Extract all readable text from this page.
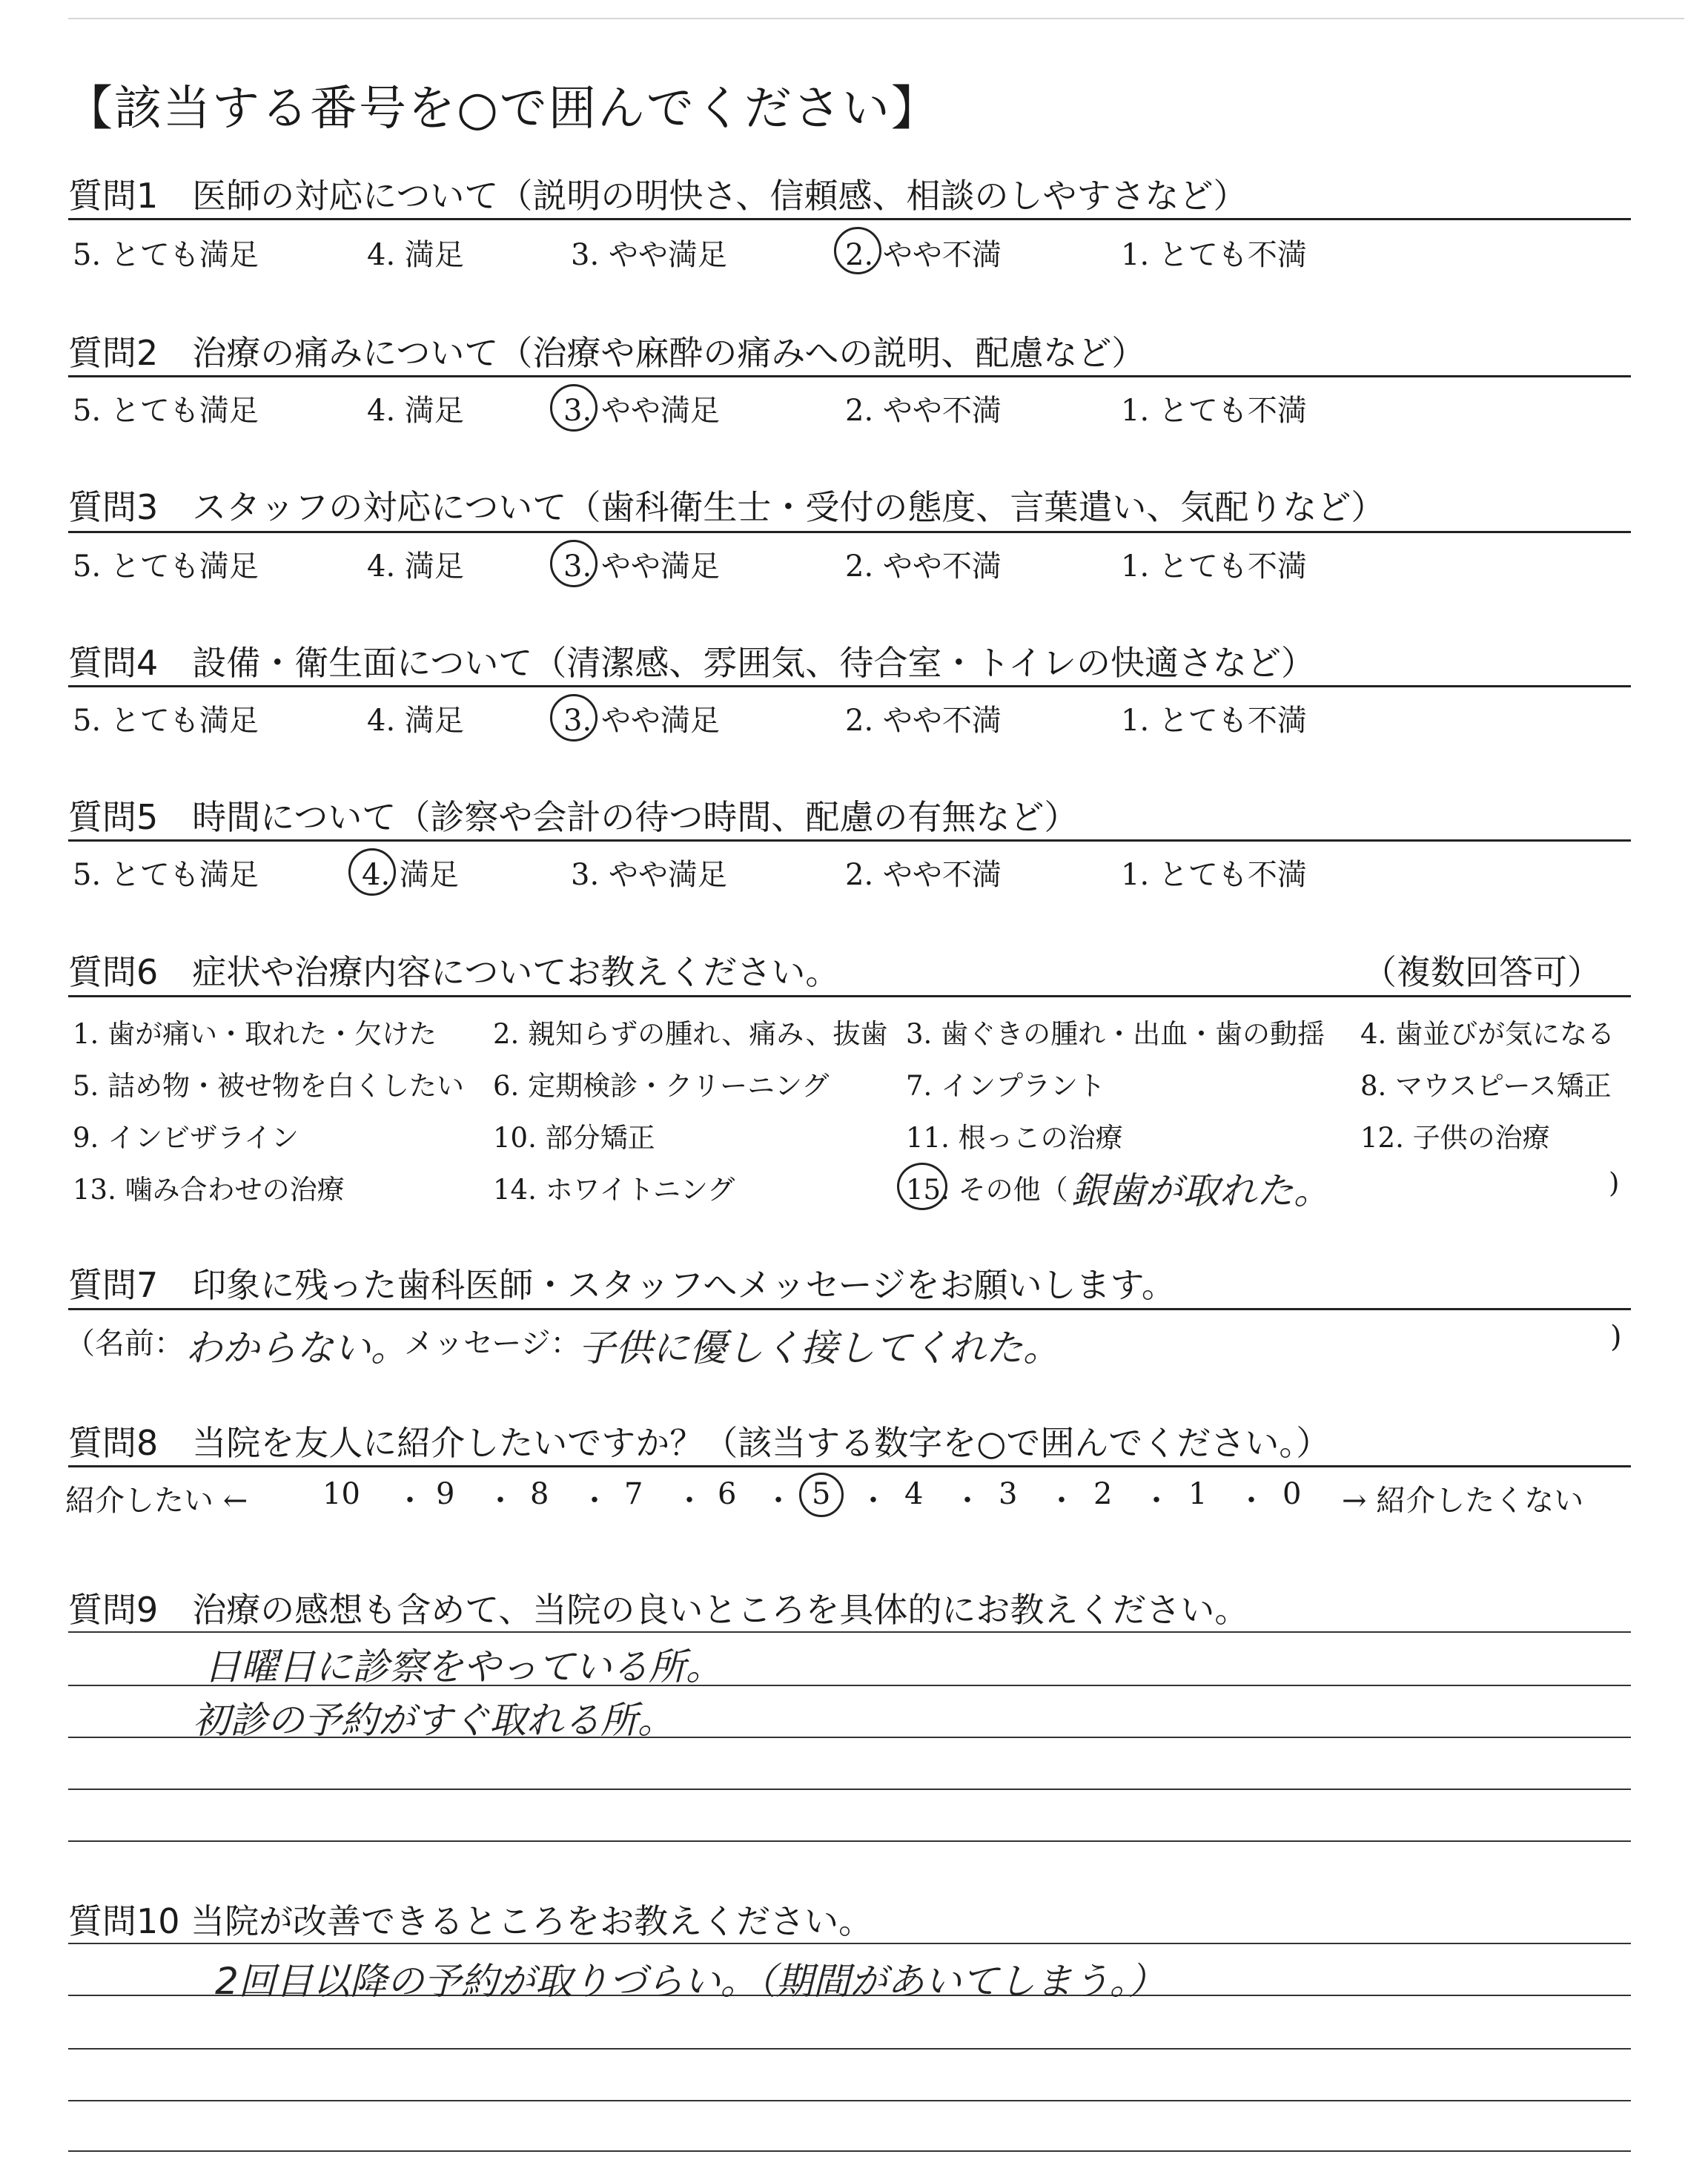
【該当する番号を○で囲んでください】
質問1　医師の対応について（説明の明快さ、信頼感、相談のしやすさなど）
5. とても満足	4. 満足	3. やや満足	2. やや不満	1. とても不満
質問2　治療の痛みについて（治療や麻酔の痛みへの説明、配慮など）
5. とても満足	4. 満足	3. やや満足	2. やや不満	1. とても不満
質問3　スタッフの対応について（歯科衛生士・受付の態度、言葉遣い、気配りなど）
5. とても満足	4. 満足	3. やや満足	2. やや不満	1. とても不満
質問4　設備・衛生面について（清潔感、雰囲気、待合室・トイレの快適さなど）
5. とても満足	4. 満足	3. やや満足	2. やや不満	1. とても不満
質問5　時間について（診察や会計の待つ時間、配慮の有無など）
5. とても満足	4. 満足	3. やや満足	2. やや不満	1. とても不満
質問6　症状や治療内容についてお教えください。	（複数回答可）
1. 歯が痛い・取れた・欠けた 2. 親知らずの腫れ、痛み、抜歯 3. 歯ぐきの腫れ・出血・歯の動揺 4. 歯並びが気になる
5. 詰め物・被せ物を白くしたい 6. 定期検診・クリーニング	7. インプラント	8. マウスピース矯正
9. インビザライン	10. 部分矯正	11. 根っこの治療	12. 子供の治療
13. 噛み合わせの治療	14. ホワイトニング	15. その他（ 銀歯が取れた。	)
質問7　印象に残った歯科医師・スタッフへメッセージをお願いします。
（名前： わからない。
メッセージ：
子供に優しく接してくれた。	)
質問8　当院を友人に紹介したいですか？（該当する数字を○で囲んでください。）
紹介したい ←	10 ・ 9 ・ 8 ・ 7 ・ 6 ・ 5 ・ 4 ・ 3 ・ 2 ・ 1 ・ 0 → 紹介したくない
質問9　治療の感想も含めて、当院の良いところを具体的にお教えください。
日曜日に診察をやっている所。
初診の予約がすぐ取れる所。
質問10 当院が改善できるところをお教えください。
2回目以降の予約が取りづらい。（期間があいてしまう。）
